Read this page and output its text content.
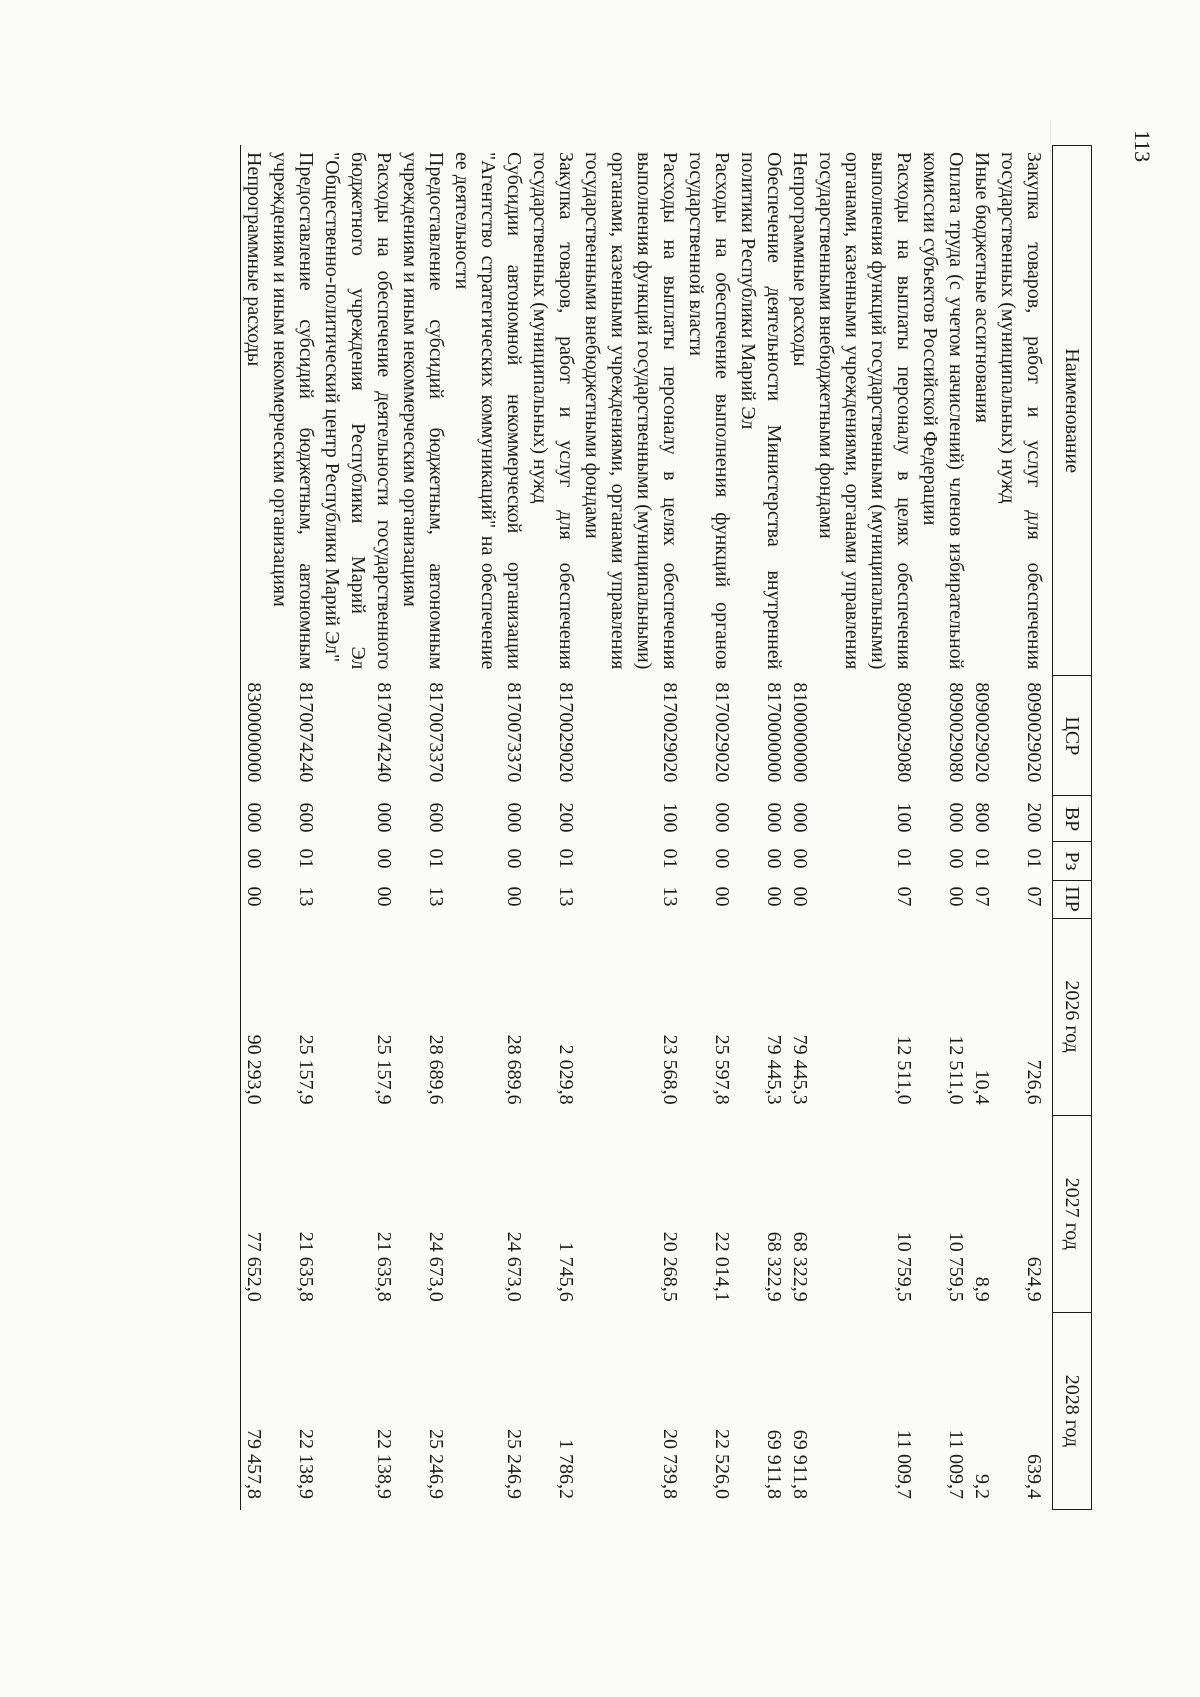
113
Наименование	ЦСР	ВР	Рз	ПР	2026 год	2027 год	2028 год
Закупка товаров, работ и услуг для обеспечения государственных (муниципальных) нужд	8090029020	200	01	07	726,6	624,9	639,4
Иные бюджетные ассигнования	8090029020	800	01	07	10,4	8,9	9,2
Оплата труда (с учетом начислений) членов избирательной комиссии субъектов Российской Федерации	8090029080	000	00	00	12 511,0	10 759,5	11 009,7
Расходы на выплаты персоналу в целях обеспечения выполнения функций государственными (муниципальными) органами, казенными учреждениями, органами управления государственными внебюджетными фондами	8090029080	100	01	07	12 511,0	10 759,5	11 009,7
Непрограммные расходы	8100000000	000	00	00	79 445,3	68 322,9	69 911,8
Обеспечение деятельности Министерства внутренней политики Республики Марий Эл	8170000000	000	00	00	79 445,3	68 322,9	69 911,8
Расходы на обеспечение выполнения функций органов государственной власти	8170029020	000	00	00	25 597,8	22 014,1	22 526,0
Расходы на выплаты персоналу в целях обеспечения выполнения функций государственными (муниципальными) органами, казенными учреждениями, органами управления государственными внебюджетными фондами	8170029020	100	01	13	23 568,0	20 268,5	20 739,8
Закупка товаров, работ и услуг для обеспечения государственных (муниципальных) нужд	8170029020	200	01	13	2 029,8	1 745,6	1 786,2
Субсидии автономной некоммерческой организации "Агентство стратегических коммуникаций" на обеспечение ее деятельности	8170073370	000	00	00	28 689,6	24 673,0	25 246,9
Предоставление субсидий бюджетным, автономным учреждениям и иным некоммерческим организациям	8170073370	600	01	13	28 689,6	24 673,0	25 246,9
Расходы на обеспечение деятельности государственного бюджетного учреждения Республики Марий Эл "Общественно-политический центр Республики Марий Эл"	8170074240	000	00	00	25 157,9	21 635,8	22 138,9
Предоставление субсидий бюджетным, автономным учреждениям и иным некоммерческим организациям	8170074240	600	01	13	25 157,9	21 635,8	22 138,9
Непрограммные расходы	8300000000	000	00	00	90 293,0	77 652,0	79 457,8
